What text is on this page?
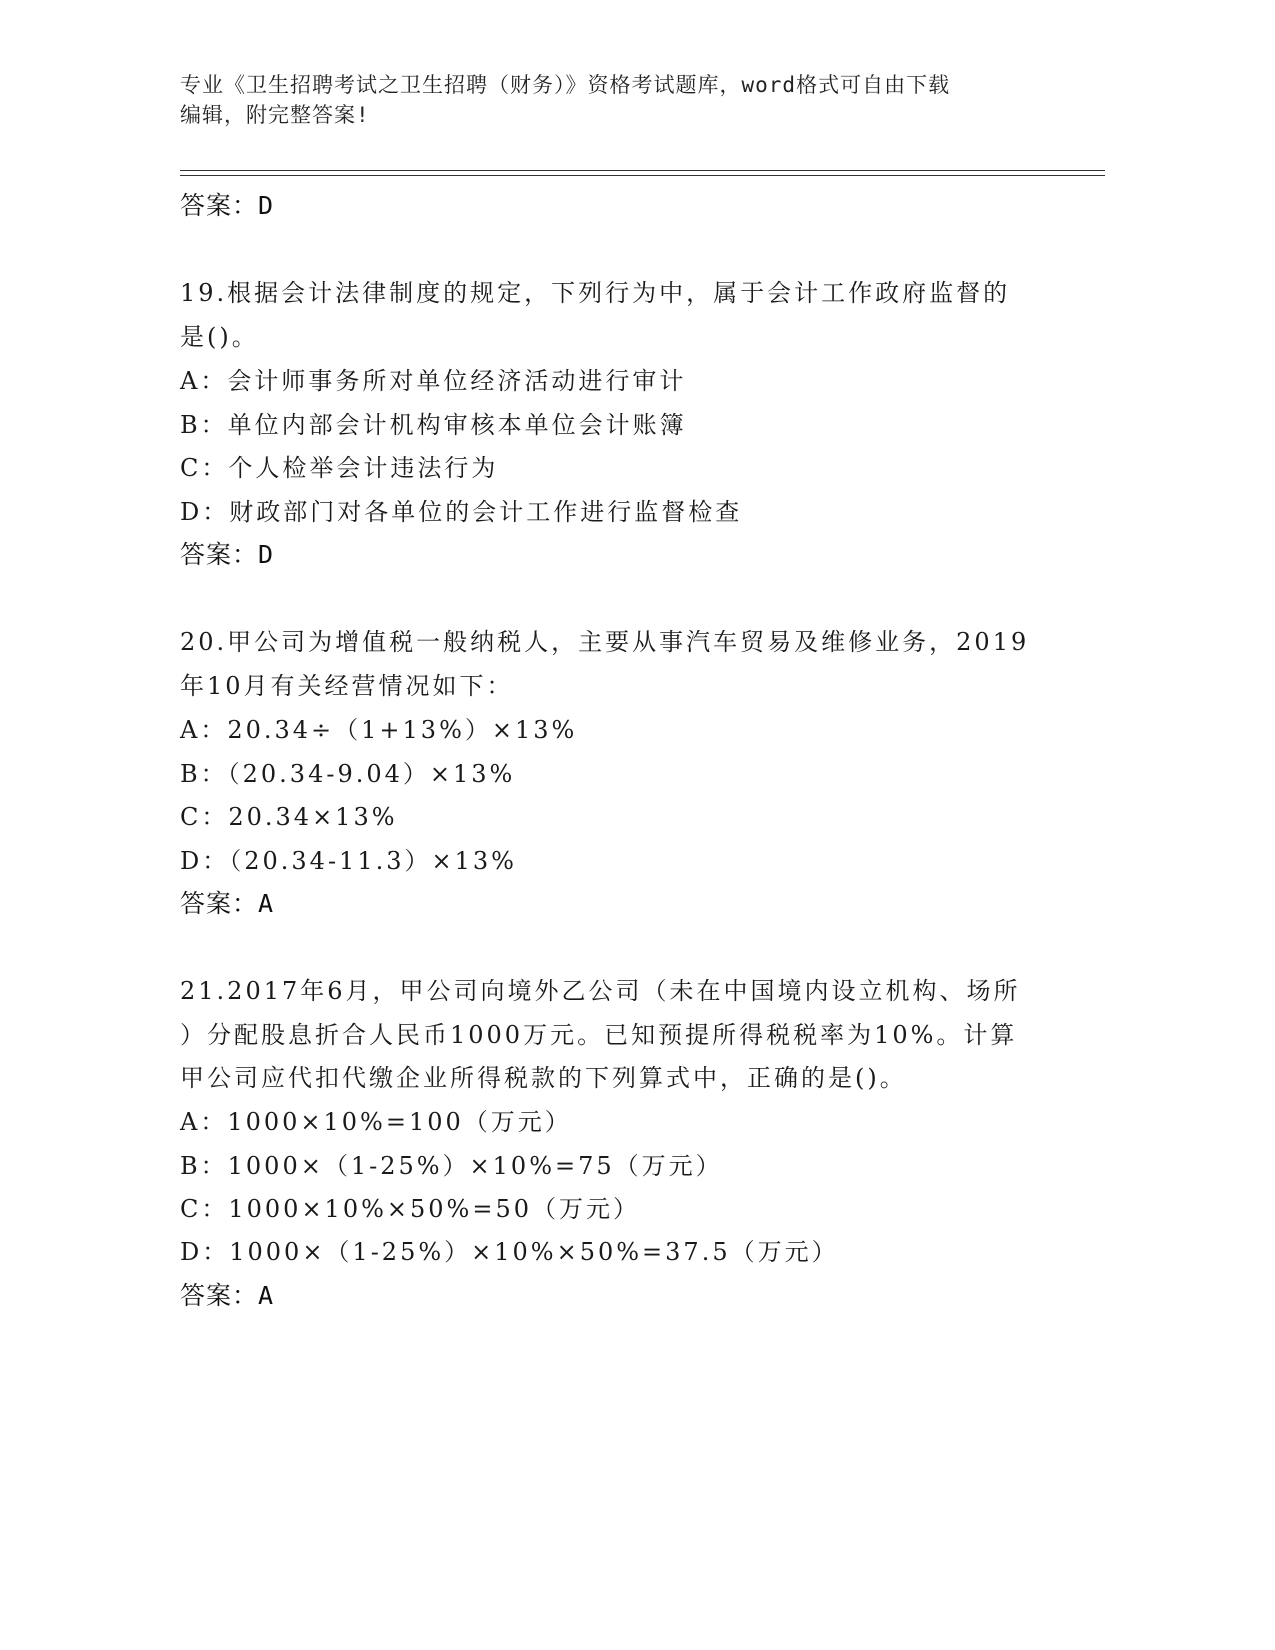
专业《卫生招聘考试之卫生招聘（财务）》资格考试题库，word格式可自由下载
编辑，附完整答案!
答案：D
19.根据会计法律制度的规定，下列行为中，属于会计工作政府监督的
是()。
A：会计师事务所对单位经济活动进行审计
B：单位内部会计机构审核本单位会计账簿
C：个人检举会计违法行为
D：财政部门对各单位的会计工作进行监督检查
答案：D
20.甲公司为增值税一般纳税人，主要从事汽车贸易及维修业务，2019
年10月有关经营情况如下：
A：20.34÷（1+13%）×13%
B：（20.34-9.04）×13%
C：20.34×13%
D：（20.34-11.3）×13%
答案：A
21.2017年6月，甲公司向境外乙公司（未在中国境内设立机构、场所
）分配股息折合人民币1000万元。已知预提所得税税率为10%。计算
甲公司应代扣代缴企业所得税款的下列算式中，正确的是()。
A：1000×10%=100（万元）
B：1000×（1-25%）×10%=75（万元）
C：1000×10%×50%=50（万元）
D：1000×（1-25%）×10%×50%=37.5（万元）
答案：A
